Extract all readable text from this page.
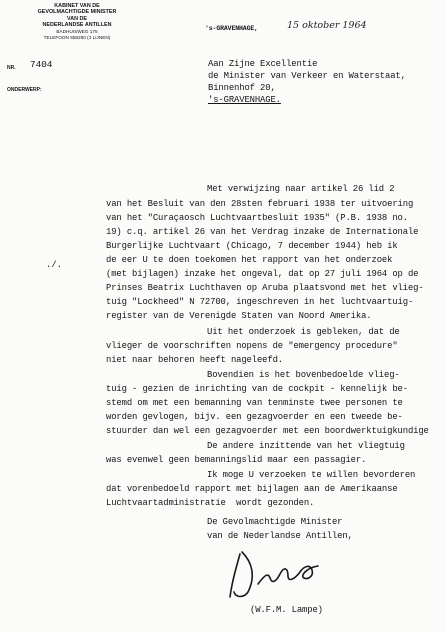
KABINET VAN DE
GEVOLMACHTIGDE MINISTER
VAN DE
NEDERLANDSE ANTILLEN
BADHUISWEG 175
TELEFOON 558280 (3 LIJNEN)
NR. 7404
ONDERWERP:
's-GRAVENHAGE,	15 oktober 1964
Aan Zijne Excellentie
de Minister van Verkeer en Waterstaat,
Binnenhof 20,
's-GRAVENHAGE.
./.
Met verwijzing naar artikel 26 lid 2
van het Besluit van den 28sten februari 1938 ter uitvoering
van het "Curaçaosch Luchtvaartbesluit 1935" (P.B. 1938 no.
19) c.q. artikel 26 van het Verdrag inzake de Internationale
Burgerlijke Luchtvaart (Chicago, 7 december 1944) heb ik
de eer U te doen toekomen het rapport van het onderzoek
(met bijlagen) inzake het ongeval, dat op 27 juli 1964 op de
Prinses Beatrix Luchthaven op Aruba plaatsvond met het vlieg-
tuig "Lockheed" N 72700, ingeschreven in het luchtvaartuig-
register van de Verenigde Staten van Noord Amerika.
Uit het onderzoek is gebleken, dat de
vlieger de voorschriften nopens de "emergency procedure"
niet naar behoren heeft nageleefd.
Bovendien is het bovenbedoelde vlieg-
tuig - gezien de inrichting van de cockpit - kennelijk be-
stemd om met een bemanning van tenminste twee personen te
worden gevlogen, bijv. een gezagvoerder en een tweede be-
stuurder dan wel een gezagvoerder met een boordwerktuigkundige
De andere inzittende van het vliegtuig
was evenwel geen bemanningslid maar een passagier.
Ik moge U verzoeken te willen bevorderen
dat vorenbedoeld rapport met bijlagen aan de Amerikaanse
Luchtvaartadministratie  wordt gezonden.
De Gevolmachtigde Minister
van de Nederlandse Antillen,
(W.F.M. Lampe)
